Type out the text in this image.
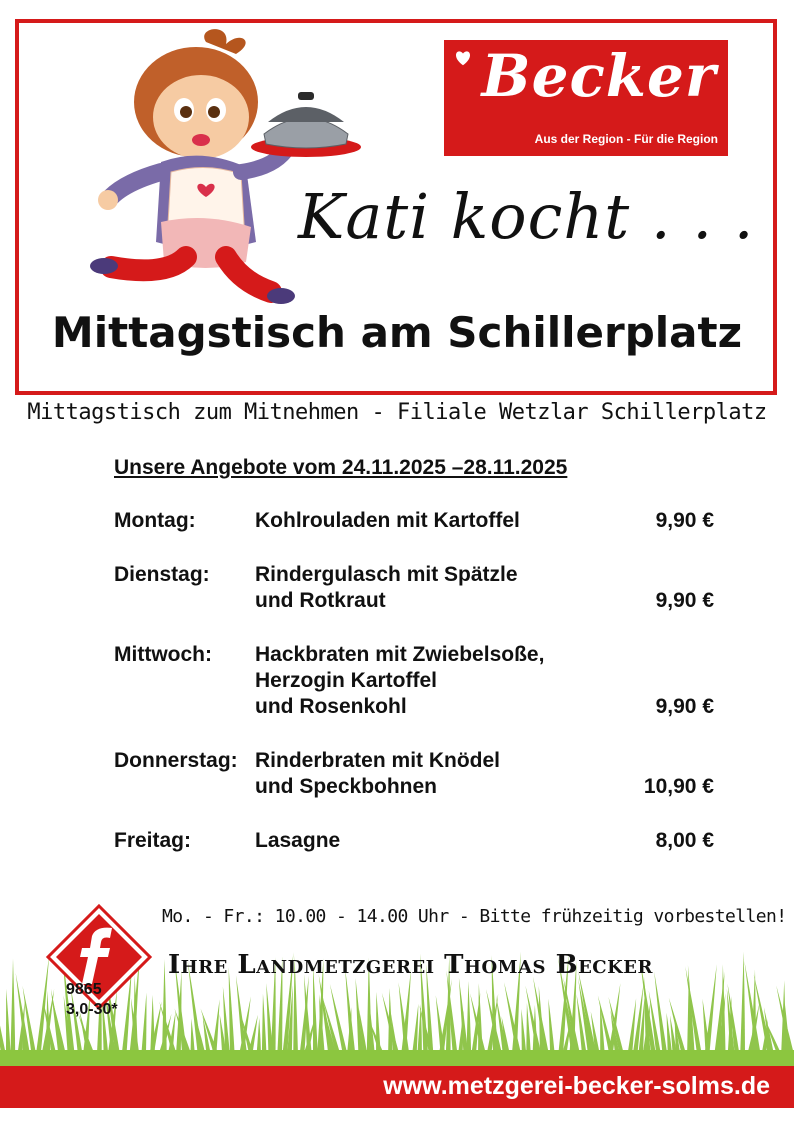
Becker
Aus der Region - Für die Region
Kati kocht . . .
Mittagstisch am Schillerplatz
Mittagstisch zum Mitnehmen - Filiale Wetzlar Schillerplatz
Unsere Angebote vom 24.11.2025 –28.11.2025
Montag:	Kohlrouladen mit Kartoffel	9,90 €
Dienstag:	Rindergulasch mit Spätzle
und Rotkraut	9,90 €
Mittwoch:	Hackbraten mit Zwiebelsoße,
Herzogin Kartoffel
und Rosenkohl	9,90 €
Donnerstag: Rinderbraten mit Knödel
und Speckbohnen	10,90 €
Freitag:	Lasagne	8,00 €
Mo. - Fr.: 10.00 - 14.00 Uhr - Bitte frühzeitig vorbestellen!
Ihre Landmetzgerei Thomas Becker
9865
3,0-30*
www.metzgerei-becker-solms.de
